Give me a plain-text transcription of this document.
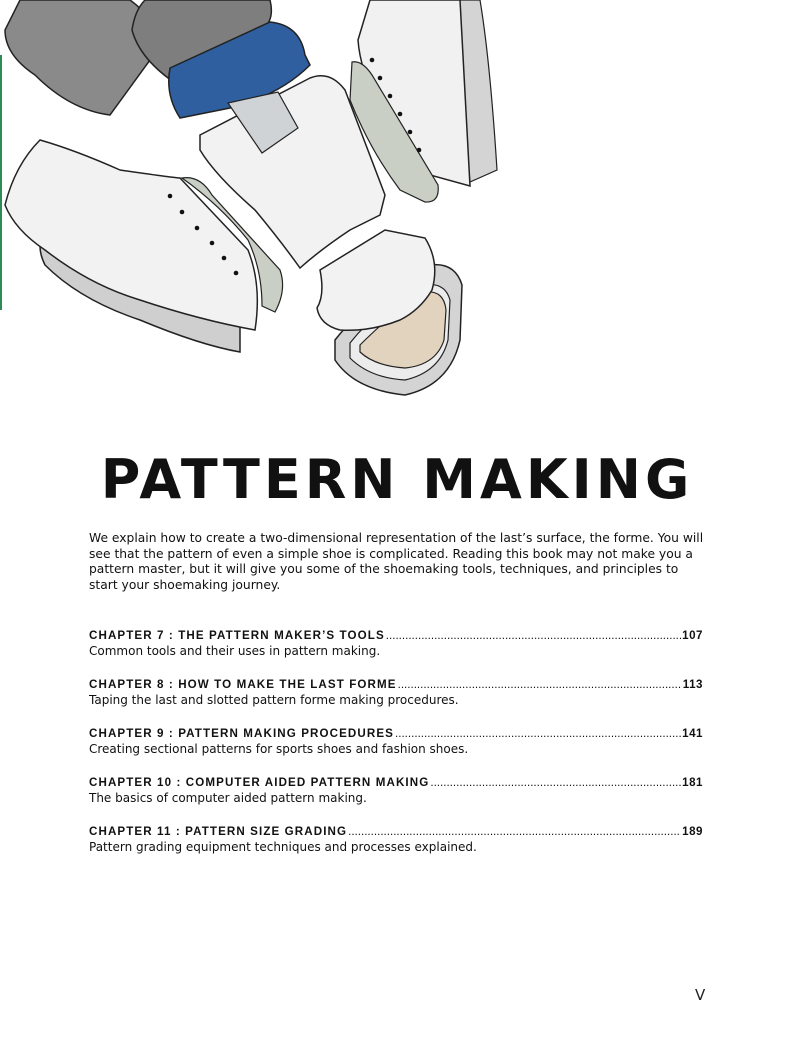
PATTERN MAKING

We explain how to create a two-dimensional representation of the last’s surface, the forme. You will see that the pattern of even a simple shoe is complicated. Reading this book may not make you a pattern master, but it will give you some of the shoemaking tools, techniques, and principles to start your shoemaking journey.

CHAPTER 7 : THE PATTERN MAKER’S TOOLS .....	107
Common tools and their uses in pattern making.
CHAPTER 8 : HOW TO MAKE THE LAST FORME .....	113
Taping the last and slotted pattern forme making procedures.
CHAPTER 9 : PATTERN MAKING PROCEDURES .....	141
Creating sectional patterns for sports shoes and fashion shoes.
CHAPTER 10 : COMPUTER AIDED PATTERN MAKING .....	181
The basics of computer aided pattern making.
CHAPTER 11 : PATTERN SIZE GRADING .....	189
Pattern grading equipment techniques and processes explained.
V
